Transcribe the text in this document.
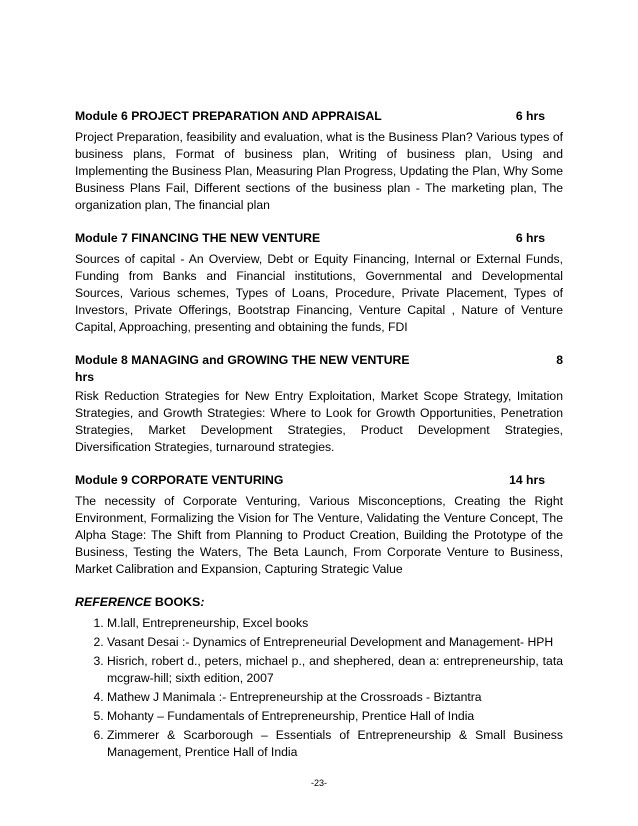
Module 6 PROJECT PREPARATION AND APPRAISAL	6 hrs
Project Preparation, feasibility and evaluation, what is the Business Plan? Various types of business plans, Format of business plan, Writing of business plan, Using and Implementing the Business Plan, Measuring Plan Progress, Updating the Plan, Why Some Business Plans Fail, Different sections of the business plan - The marketing plan, The organization plan, The financial plan
Module 7 FINANCING THE NEW VENTURE	6 hrs
Sources of capital - An Overview, Debt or Equity Financing, Internal or External Funds, Funding from Banks and Financial institutions, Governmental and Developmental Sources, Various schemes, Types of Loans, Procedure, Private Placement, Types of Investors, Private Offerings, Bootstrap Financing, Venture Capital , Nature of Venture Capital, Approaching, presenting and obtaining the funds, FDI
Module 8 MANAGING and GROWING THE NEW VENTURE	8
hrs
Risk Reduction Strategies for New Entry Exploitation, Market Scope Strategy, Imitation Strategies, and Growth Strategies: Where to Look for Growth Opportunities, Penetration Strategies, Market Development Strategies, Product Development Strategies, Diversification Strategies, turnaround strategies.
Module 9 CORPORATE VENTURING	14 hrs
The necessity of Corporate Venturing, Various Misconceptions, Creating the Right Environment, Formalizing the Vision for The Venture, Validating the Venture Concept, The Alpha Stage: The Shift from Planning to Product Creation, Building the Prototype of the Business, Testing the Waters, The Beta Launch, From Corporate Venture to Business, Market Calibration and Expansion, Capturing Strategic Value
REFERENCE BOOKS:
1. M.lall, Entrepreneurship, Excel books
2. Vasant Desai :- Dynamics of Entrepreneurial Development and Management- HPH
3. Hisrich, robert d., peters, michael p., and shephered, dean a: entrepreneurship, tata mcgraw-hill; sixth edition, 2007
4. Mathew J Manimala :- Entrepreneurship at the Crossroads - Biztantra
5. Mohanty – Fundamentals of Entrepreneurship, Prentice Hall of India
6. Zimmerer & Scarborough – Essentials of Entrepreneurship & Small Business Management, Prentice Hall of India
-23-
